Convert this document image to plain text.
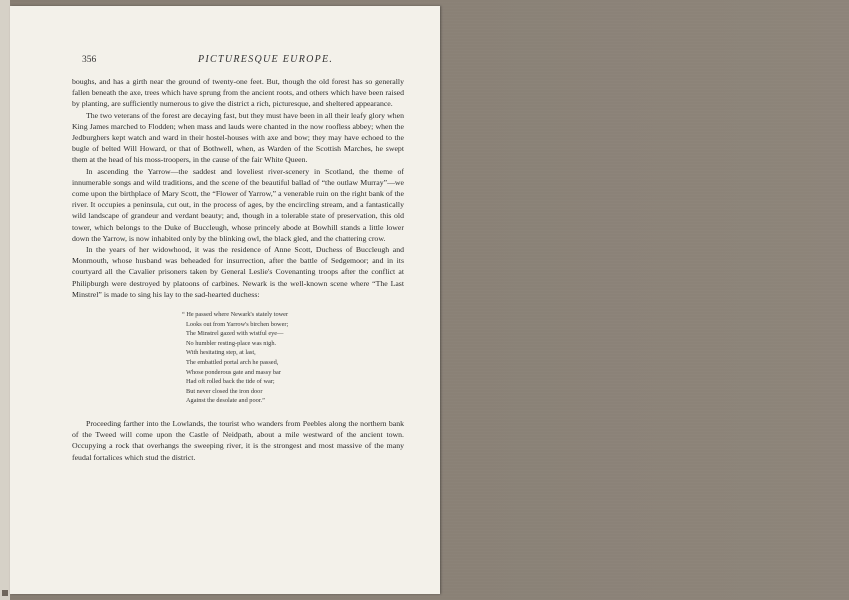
356	PICTURESQUE EUROPE.

boughs, and has a girth near the ground of twenty-one feet. But, though the old forest has so generally fallen beneath the axe, trees which have sprung from the ancient roots, and others which have been raised by planting, are sufficiently numerous to give the district a rich, picturesque, and sheltered appearance.

The two veterans of the forest are decaying fast, but they must have been in all their leafy glory when King James marched to Flodden; when mass and lauds were chanted in the now roofless abbey; when the Jedburghers kept watch and ward in their hostel-houses with axe and bow; they may have echoed to the bugle of belted Will Howard, or that of Bothwell, when, as Warden of the Scottish Marches, he swept them at the head of his moss-troopers, in the cause of the fair White Queen.

In ascending the Yarrow—the saddest and loveliest river-scenery in Scotland, the theme of innumerable songs and wild traditions, and the scene of the beautiful ballad of “the outlaw Murray”—we come upon the birthplace of Mary Scott, the “Flower of Yarrow,” a venerable ruin on the right bank of the river. It occupies a peninsula, cut out, in the process of ages, by the encircling stream, and a fantastically wild landscape of grandeur and verdant beauty; and, though in a tolerable state of preservation, this old tower, which belongs to the Duke of Buccleugh, whose princely abode at Bowhill stands a little lower down the Yarrow, is now inhabited only by the blinking owl, the black gled, and the chattering crow.

In the years of her widowhood, it was the residence of Anne Scott, Duchess of Buccleugh and Monmouth, whose husband was beheaded for insurrection, after the battle of Sedgemoor; and in its courtyard all the Cavalier prisoners taken by General Leslie's Covenanting troops after the conflict at Philipburgh were destroyed by platoons of carbines. Newark is the well-known scene where “The Last Minstrel” is made to sing his lay to the sad-hearted duchess:

“ He passed where Newark's stately tower
Looks out from Yarrow's birchen bower;
The Minstrel gazed with wistful eye—
No humbler resting-place was nigh.
With hesitating step, at last,
The embattled portal arch he passed,
Whose ponderous gate and massy bar
Had oft rolled back the tide of war;
But never closed the iron door
Against the desolate and poor.”

Proceeding farther into the Lowlands, the tourist who wanders from Peebles along the northern bank of the Tweed will come upon the Castle of Neidpath, about a mile westward of the ancient town. Occupying a rock that overhangs the sweeping river, it is the strongest and most massive of the many feudal fortalices which stud the district.
